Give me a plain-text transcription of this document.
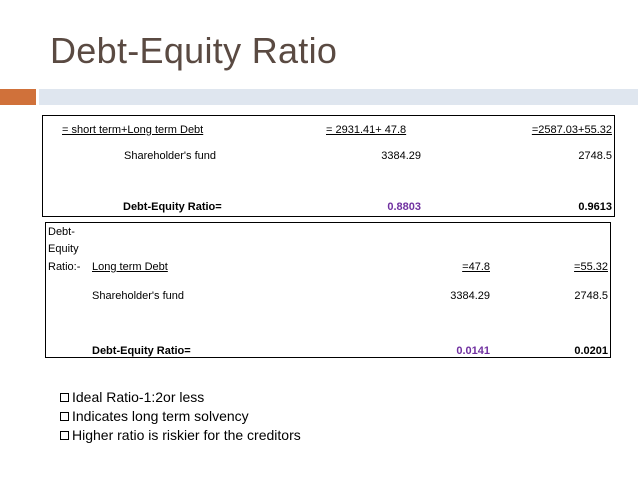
Debt-Equity Ratio
= short term+Long term Debt	= 2931.41+ 47.8	=2587.03+55.32
Shareholder's fund	3384.29	2748.5
Debt-Equity Ratio=	0.8803	0.9613
Debt-
Equity
Ratio:- Long term Debt	=47.8	=55.32
Shareholder's fund	3384.29	2748.5
Debt-Equity Ratio=	0.0141	0.0201
Ideal Ratio-1:2or less
Indicates long term solvency
Higher ratio is riskier for the creditors
